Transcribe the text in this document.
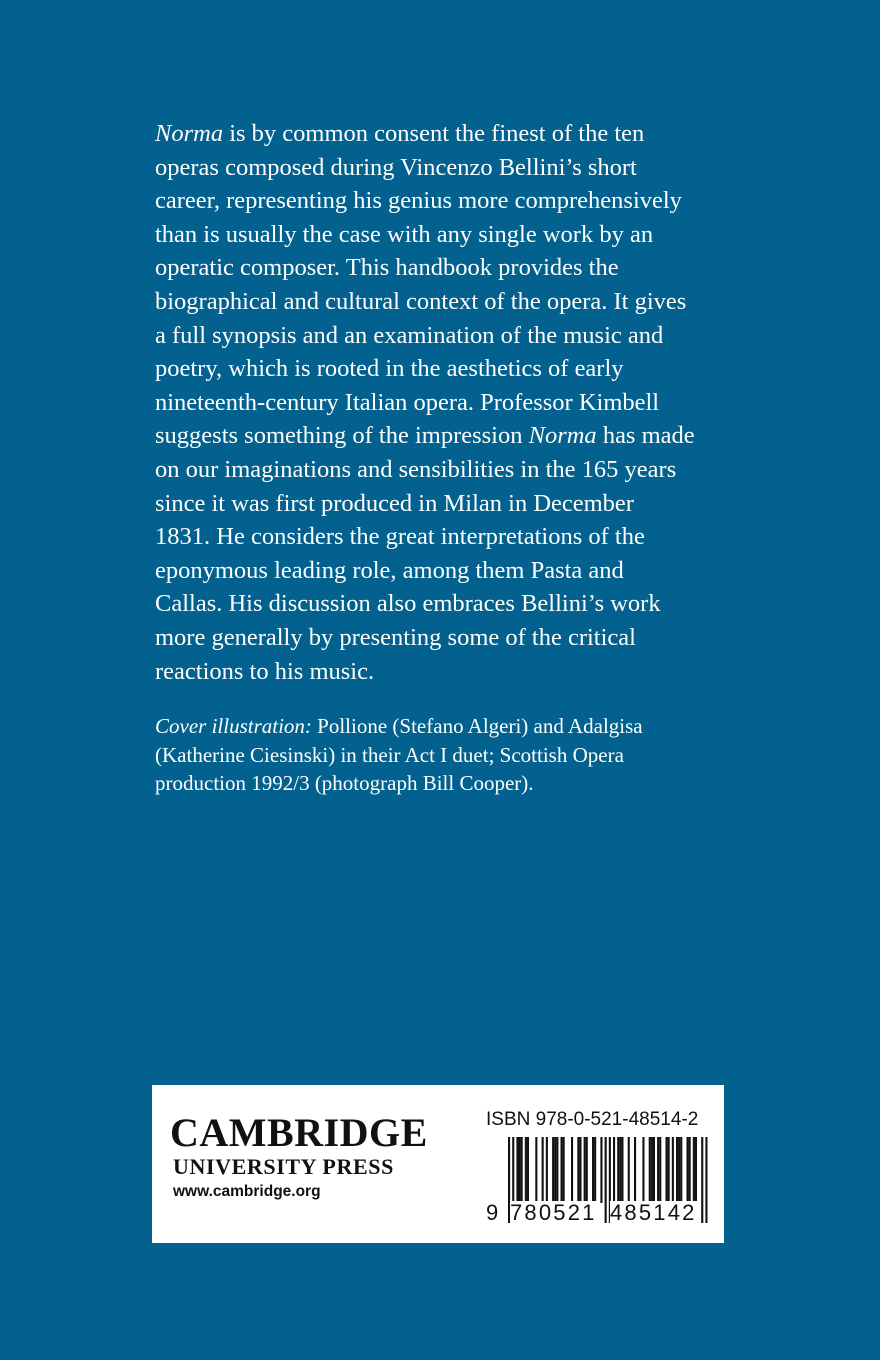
Norma is by common consent the finest of the ten
operas composed during Vincenzo Bellini’s short
career, representing his genius more comprehensively
than is usually the case with any single work by an
operatic composer. This handbook provides the
biographical and cultural context of the opera. It gives
a full synopsis and an examination of the music and
poetry, which is rooted in the aesthetics of early
nineteenth-century Italian opera. Professor Kimbell
suggests something of the impression Norma has made
on our imaginations and sensibilities in the 165 years
since it was first produced in Milan in December
1831. He considers the great interpretations of the
eponymous leading role, among them Pasta and
Callas. His discussion also embraces Bellini’s work
more generally by presenting some of the critical
reactions to his music.
Cover illustration: Pollione (Stefano Algeri) and Adalgisa
(Katherine Ciesinski) in their Act I duet; Scottish Opera
production 1992/3 (photograph Bill Cooper).
CAMBRIDGE
UNIVERSITY PRESS
www.cambridge.org
ISBN 978-0-521-48514-2
9 780521 485142
